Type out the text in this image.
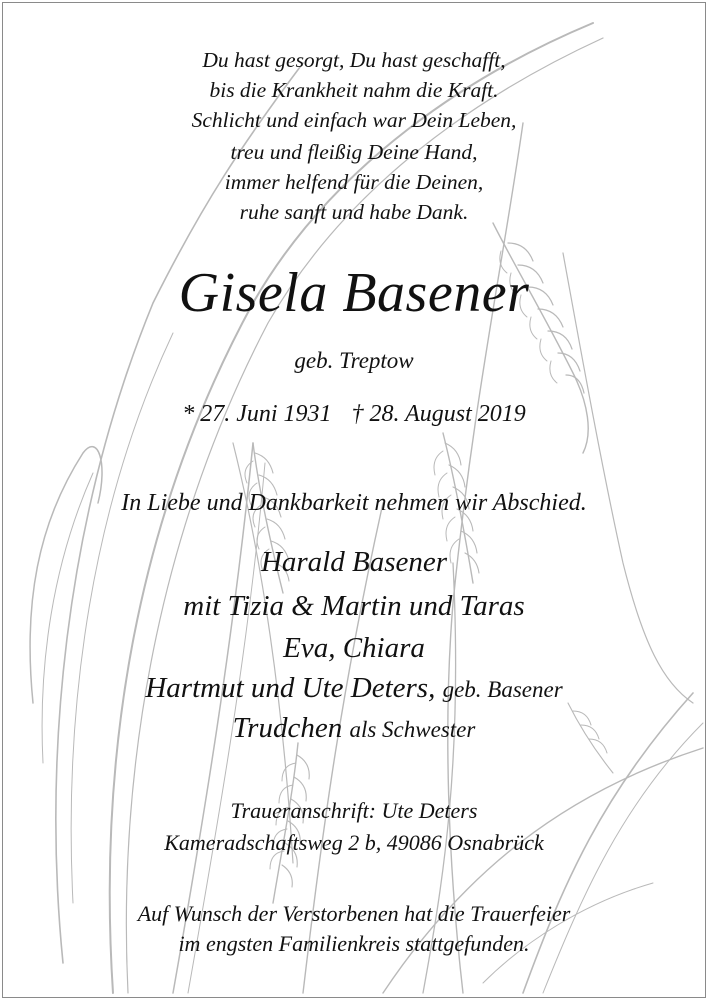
Du hast gesorgt, Du hast geschafft,
bis die Krankheit nahm die Kraft.
Schlicht und einfach war Dein Leben,
treu und fleißig Deine Hand,
immer helfend für die Deinen,
ruhe sanft und habe Dank.
Gisela Basener
geb. Treptow
* 27. Juni 1931 † 28. August 2019
In Liebe und Dankbarkeit nehmen wir Abschied.
Harald Basener
mit Tizia & Martin und Taras
Eva, Chiara
Hartmut und Ute Deters, geb. Basener
Trudchen als Schwester
Traueranschrift: Ute Deters
Kameradschaftsweg 2 b, 49086 Osnabrück
Auf Wunsch der Verstorbenen hat die Trauerfeier
im engsten Familienkreis stattgefunden.
